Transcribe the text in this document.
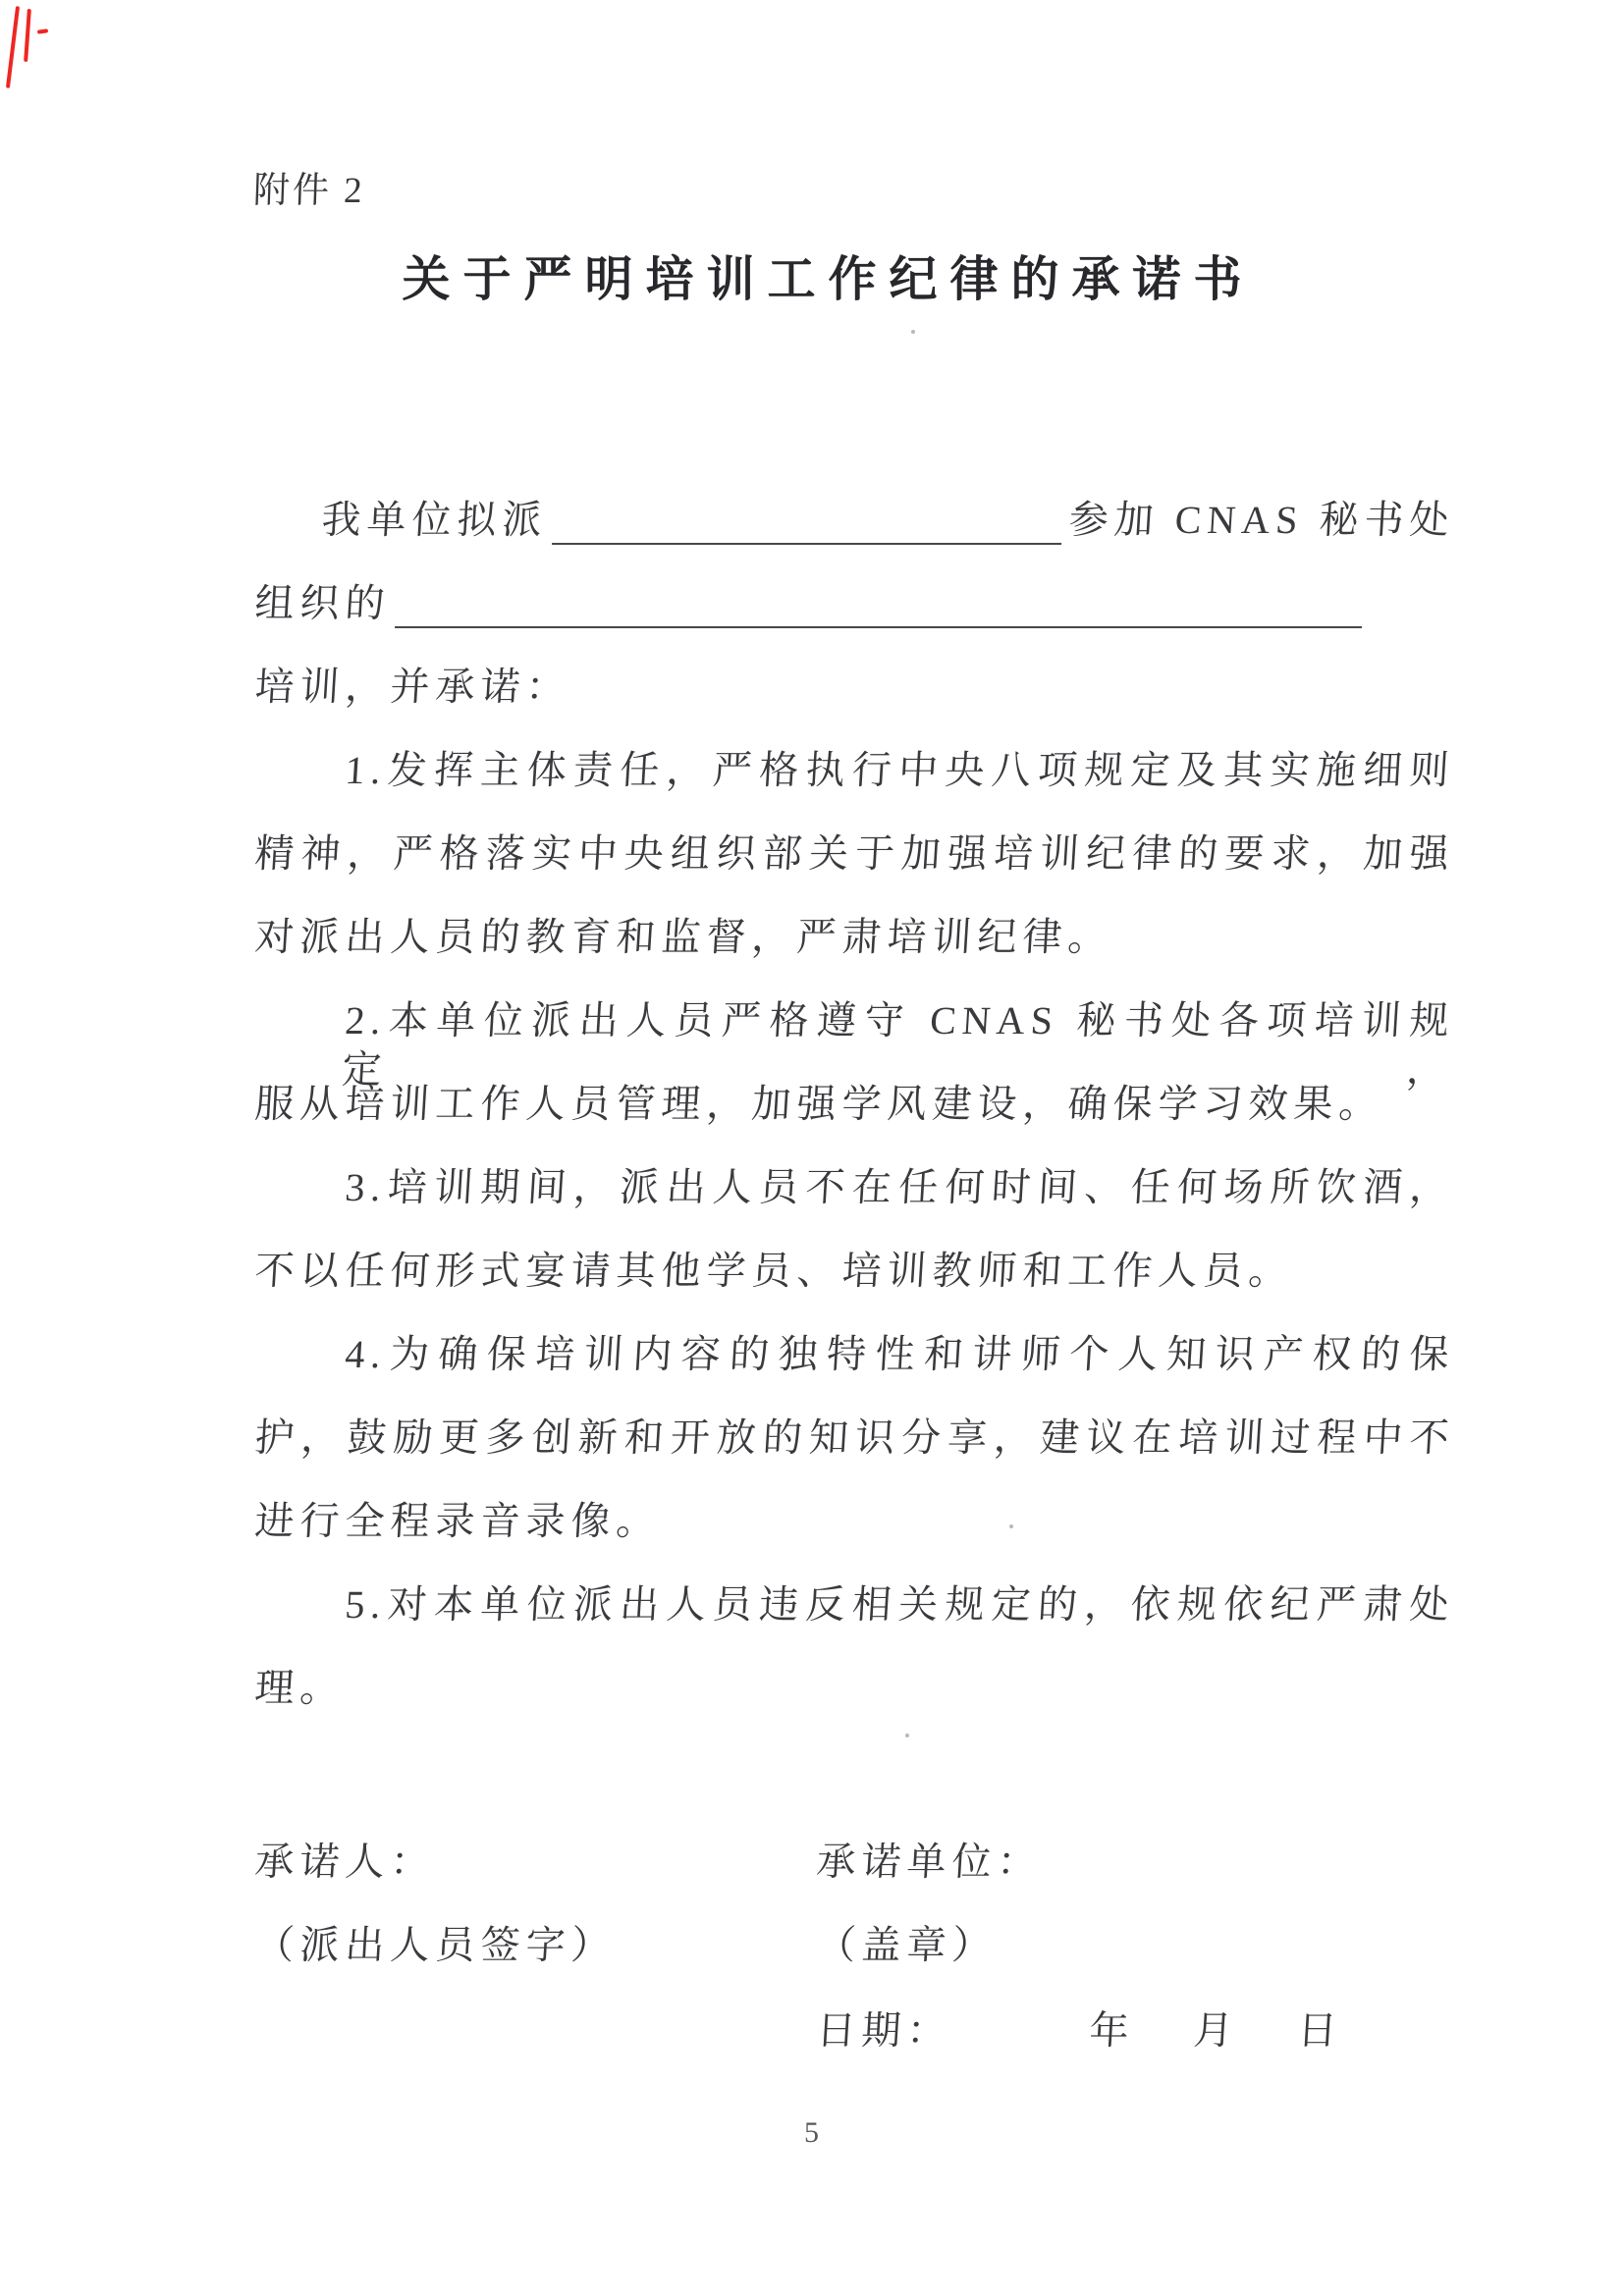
附件 2
关于严明培训工作纪律的承诺书
我单位拟派	参加 CNAS 秘书处
组织的
培训，并承诺：
1.发挥主体责任，严格执行中央八项规定及其实施细则
精神，严格落实中央组织部关于加强培训纪律的要求，加强
对派出人员的教育和监督，严肃培训纪律。
2.本单位派出人员严格遵守 CNAS 秘书处各项培训规定，
服从培训工作人员管理，加强学风建设，确保学习效果。
3.培训期间，派出人员不在任何时间、任何场所饮酒，
不以任何形式宴请其他学员、培训教师和工作人员。
4.为确保培训内容的独特性和讲师个人知识产权的保
护，鼓励更多创新和开放的知识分享，建议在培训过程中不
进行全程录音录像。
5.对本单位派出人员违反相关规定的，依规依纪严肃处
理。
承诺人：
（派出人员签字）
承诺单位：
（盖章）
日期：	年 月 日
5
